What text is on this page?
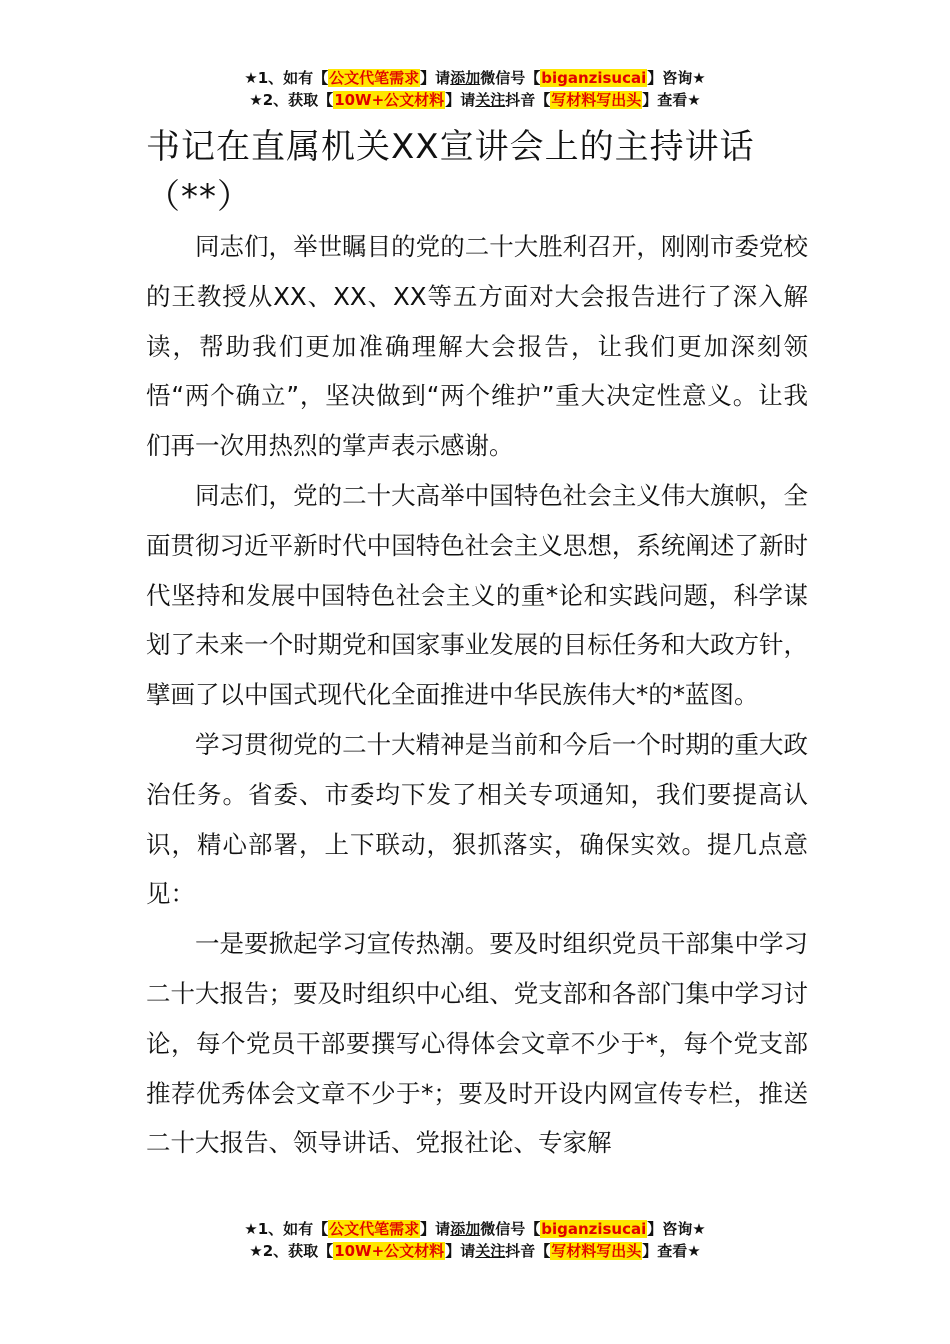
★1、如有【公文代笔需求】请添加微信号【biganzisucai】咨询★
★2、获取【10W+公文材料】请关注抖音【写材料写出头】查看★
书记在直属机关XX宣讲会上的主持讲话（**）

同志们，举世瞩目的党的二十大胜利召开，刚刚市委党校的王教授从XX、XX、XX等五方面对大会报告进行了深入解读，帮助我们更加准确理解大会报告，让我们更加深刻领悟“两个确立”，坚决做到“两个维护”重大决定性意义。让我们再一次用热烈的掌声表示感谢。

同志们，党的二十大高举中国特色社会主义伟大旗帜，全面贯彻习近平新时代中国特色社会主义思想，系统阐述了新时代坚持和发展中国特色社会主义的重*论和实践问题，科学谋划了未来一个时期党和国家事业发展的目标任务和大政方针，擘画了以中国式现代化全面推进中华民族伟大*的*蓝图。

学习贯彻党的二十大精神是当前和今后一个时期的重大政治任务。省委、市委均下发了相关专项通知，我们要提高认识，精心部署，上下联动，狠抓落实，确保实效。提几点意见：

一是要掀起学习宣传热潮。要及时组织党员干部集中学习二十大报告；要及时组织中心组、党支部和各部门集中学习讨论，每个党员干部要撰写心得体会文章不少于*，每个党支部推荐优秀体会文章不少于*；要及时开设内网宣传专栏，推送二十大报告、领导讲话、党报社论、专家解

★1、如有【公文代笔需求】请添加微信号【biganzisucai】咨询★
★2、获取【10W+公文材料】请关注抖音【写材料写出头】查看★
